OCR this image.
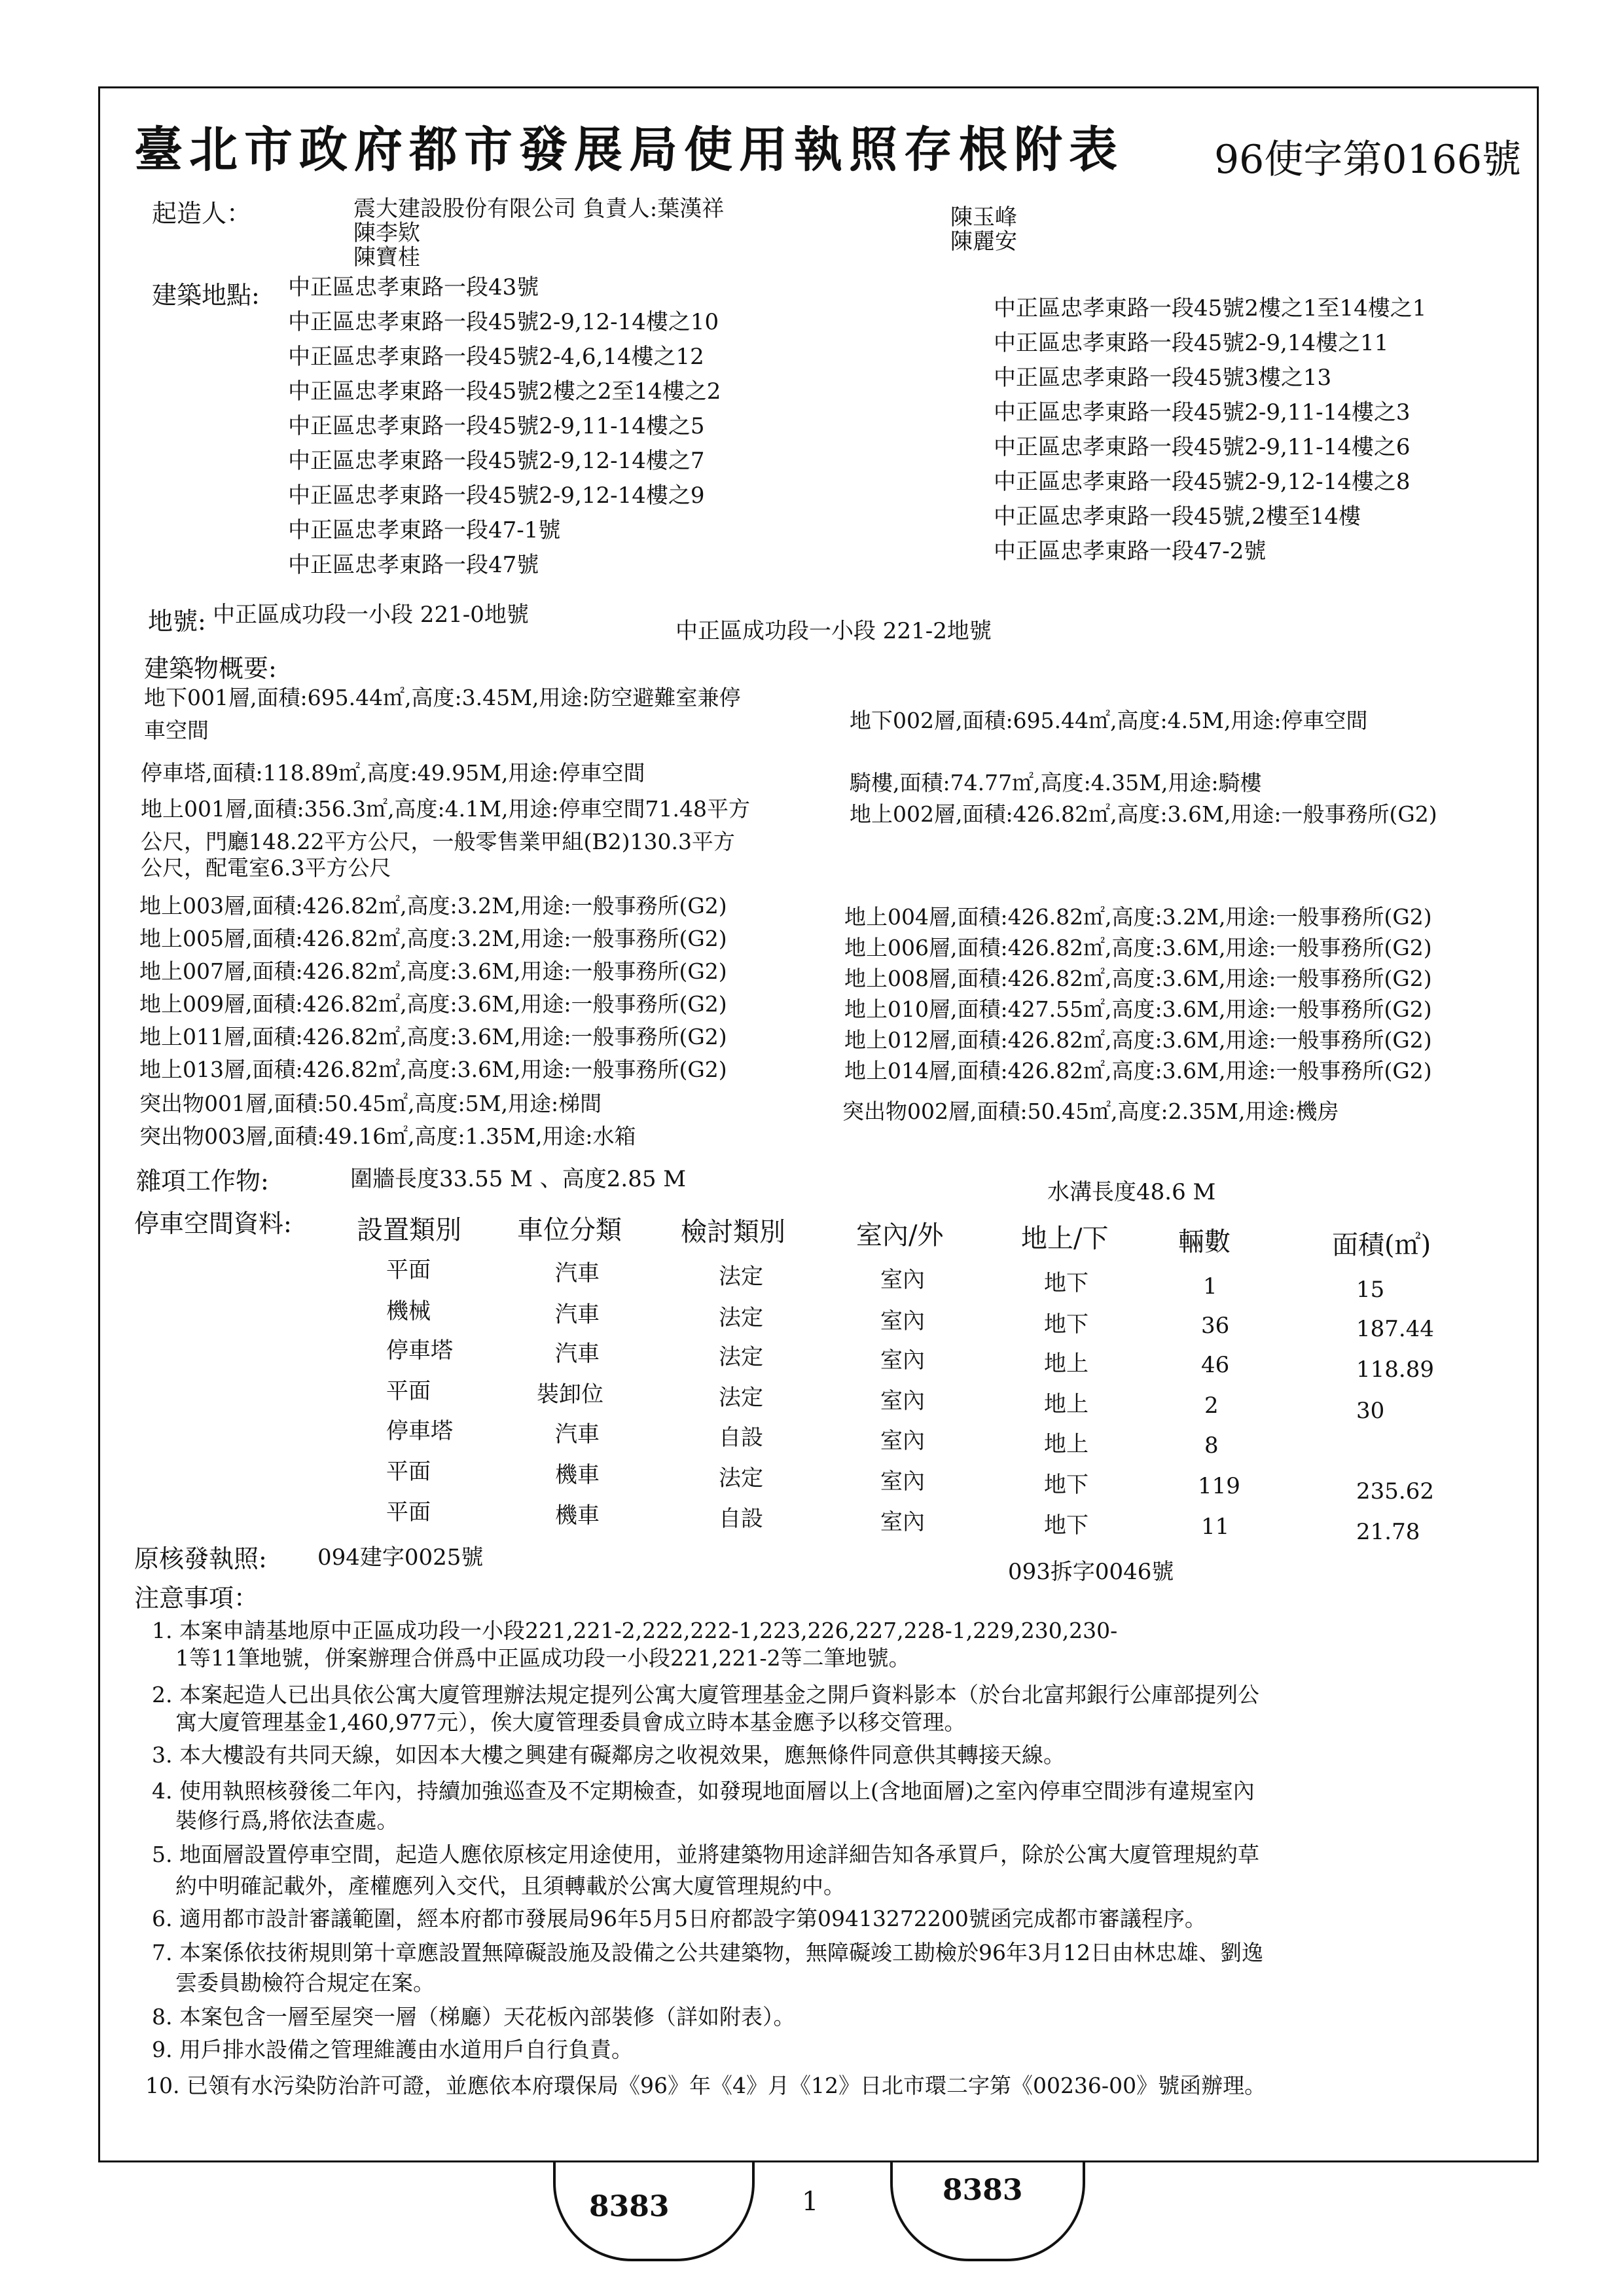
臺北市政府都市發展局使用執照存根附表 96使字第0166號
起造人：	震大建設股份有限公司 負責人:葉漢祥
陳李欵
陳寶桂
陳玉峰
陳麗安
建築地點: 中正區忠孝東路一段43號
中正區忠孝東路一段45號2-9,12-14樓之10
中正區忠孝東路一段45號2-4,6,14樓之12
中正區忠孝東路一段45號2樓之2至14樓之2
中正區忠孝東路一段45號2-9,11-14樓之5
中正區忠孝東路一段45號2-9,12-14樓之7
中正區忠孝東路一段45號2-9,12-14樓之9
中正區忠孝東路一段47-1號
中正區忠孝東路一段47號
中正區忠孝東路一段45號2樓之1至14樓之1
中正區忠孝東路一段45號2-9,14樓之11
中正區忠孝東路一段45號3樓之13
中正區忠孝東路一段45號2-9,11-14樓之3
中正區忠孝東路一段45號2-9,11-14樓之6
中正區忠孝東路一段45號2-9,12-14樓之8
中正區忠孝東路一段45號,2樓至14樓
中正區忠孝東路一段47-2號
地號: 中正區成功段一小段 221-0地號
中正區成功段一小段 221-2地號
建築物概要:
地下001層,面積:695.44㎡,高度:3.45M,用途:防空避難室兼停
車空間	地下002層,面積:695.44㎡,高度:4.5M,用途:停車空間
停車塔,面積:118.89㎡,高度:49.95M,用途:停車空間	騎樓,面積:74.77㎡,高度:4.35M,用途:騎樓
地上001層,面積:356.3㎡,高度:4.1M,用途:停車空間71.48平方
公尺，門廳148.22平方公尺，一般零售業甲組(B2)130.3平方
公尺，配電室6.3平方公尺
地上002層,面積:426.82㎡,高度:3.6M,用途:一般事務所(G2)
地上003層,面積:426.82㎡,高度:3.2M,用途:一般事務所(G2)	地上004層,面積:426.82㎡,高度:3.2M,用途:一般事務所(G2)
地上005層,面積:426.82㎡,高度:3.2M,用途:一般事務所(G2)	地上006層,面積:426.82㎡,高度:3.6M,用途:一般事務所(G2)
地上007層,面積:426.82㎡,高度:3.6M,用途:一般事務所(G2)	地上008層,面積:426.82㎡,高度:3.6M,用途:一般事務所(G2)
地上009層,面積:426.82㎡,高度:3.6M,用途:一般事務所(G2)	地上010層,面積:427.55㎡,高度:3.6M,用途:一般事務所(G2)
地上011層,面積:426.82㎡,高度:3.6M,用途:一般事務所(G2)	地上012層,面積:426.82㎡,高度:3.6M,用途:一般事務所(G2)
地上013層,面積:426.82㎡,高度:3.6M,用途:一般事務所(G2)	地上014層,面積:426.82㎡,高度:3.6M,用途:一般事務所(G2)
突出物001層,面積:50.45㎡,高度:5M,用途:梯間	突出物002層,面積:50.45㎡,高度:2.35M,用途:機房
突出物003層,面積:49.16㎡,高度:1.35M,用途:水箱
雜項工作物:	圍牆長度33.55 M 、高度2.85 M	水溝長度48.6 M
停車空間資料: 設置類別 車位分類 檢討類別	室內/外	地上/下	輛數	面積(㎡)
平面	汽車	法定	室內	地下	1	15
機械	汽車	法定	室內	地下	36	187.44
停車塔	汽車	法定	室內	地上	46	118.89
平面	裝卸位	法定	室內	地上	2	30
停車塔	汽車	自設	室內	地上	8
平面	機車	法定	室內	地下	119	235.62
平面	機車	自設	室內	地下	11	21.78
原核發執照: 094建字0025號
093拆字0046號
注意事項：
1. 本案申請基地原中正區成功段一小段221,221-2,222,222-1,223,226,227,228-1,229,230,230-
1等11筆地號，併案辦理合併爲中正區成功段一小段221,221-2等二筆地號。
2. 本案起造人已出具依公寓大廈管理辦法規定提列公寓大廈管理基金之開戶資料影本（於台北富邦銀行公庫部提列公
寓大廈管理基金1,460,977元），俟大廈管理委員會成立時本基金應予以移交管理。
3. 本大樓設有共同天線，如因本大樓之興建有礙鄰房之收視效果，應無條件同意供其轉接天線。
4. 使用執照核發後二年內，持續加強巡查及不定期檢查，如發現地面層以上(含地面層)之室內停車空間涉有違規室內
裝修行爲,將依法查處。
5. 地面層設置停車空間，起造人應依原核定用途使用，並將建築物用途詳細告知各承買戶，除於公寓大廈管理規約草
約中明確記載外，產權應列入交代，且須轉載於公寓大廈管理規約中。
6. 適用都市設計審議範圍，經本府都市發展局96年5月5日府都設字第09413272200號函完成都市審議程序。
7. 本案係依技術規則第十章應設置無障礙設施及設備之公共建築物，無障礙竣工勘檢於96年3月12日由林忠雄、劉逸
雲委員勘檢符合規定在案。
8. 本案包含一層至屋突一層（梯廳）天花板內部裝修（詳如附表）。
9. 用戶排水設備之管理維護由水道用戶自行負責。
10. 已領有水污染防治許可證，並應依本府環保局《96》年《4》月《12》日北市環二字第《00236-00》號函辦理。
8383	1	8383
